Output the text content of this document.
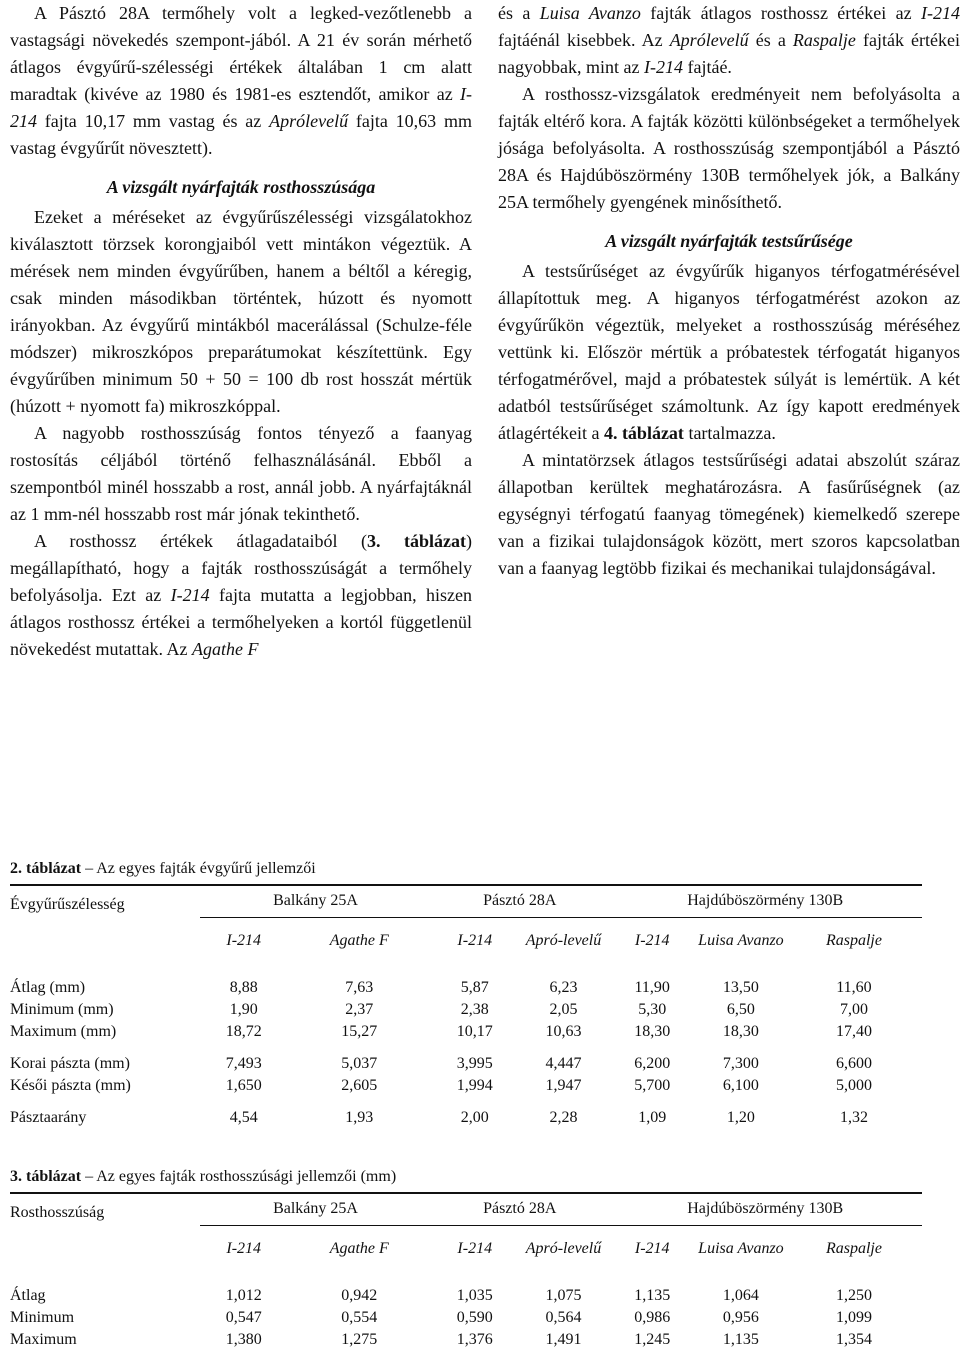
A Pásztó 28A termőhely volt a legked-vezőtlenebb a vastagsági növekedés szempont-jából. A 21 év során mérhető átlagos évgyűrű-szélességi értékek általában 1 cm alatt maradtak (kivéve az 1980 és 1981-es esztendőt, amikor az I-214 fajta 10,17 mm vastag és az Aprólevelű fajta 10,63 mm vastag évgyűrűt növesztett).

A vizsgált nyárfajták rosthosszúsága

Ezeket a méréseket az évgyűrűszélességi vizsgálatokhoz kiválasztott törzsek korongjaiból vett mintákon végeztük. A mérések nem minden évgyűrűben, hanem a béltől a kéregig, csak minden másodikban történtek, húzott és nyomott irányokban. Az évgyűrű mintákból macerálással (Schulze-féle módszer) mikroszkópos preparátumokat készítettünk. Egy évgyűrűben minimum 50 + 50 = 100 db rost hosszát mértük (húzott + nyomott fa) mikroszkóppal.

A nagyobb rosthosszúság fontos tényező a faanyag rostosítás céljából történő felhasználásánál. Ebből a szempontból minél hosszabb a rost, annál jobb. A nyárfajtáknál az 1 mm-nél hosszabb rost már jónak tekinthető.

A rosthossz értékek átlagadataiból (3. táblázat) megállapítható, hogy a fajták rosthosszúságát a termőhely befolyásolja. Ezt az I-214 fajta mutatta a legjobban, hiszen átlagos rosthossz értékei a termőhelyeken a kortól függetlenül növekedést mutattak. Az Agathe F

és a Luisa Avanzo fajták átlagos rosthossz értékei az I-214 fajtáénál kisebbek. Az Aprólevelű és a Raspalje fajták értékei nagyobbak, mint az I-214 fajtáé.

A rosthossz-vizsgálatok eredményeit nem befolyásolta a fajták eltérő kora. A fajták közötti különbségeket a termőhelyek jósága befolyásolta. A rosthosszúság szempontjából a Pásztó 28A és Hajdúböszörmény 130B termőhelyek jók, a Balkány 25A termőhely gyengének minősíthető.

A vizsgált nyárfajták testsűrűsége

A testsűrűséget az évgyűrűk higanyos térfogatmérésével állapítottuk meg. A higanyos térfogatmérést azokon az évgyűrűkön végeztük, melyeket a rosthosszúság méréséhez vettünk ki. Először mértük a próbatestek térfogatát higanyos térfogatmérővel, majd a próbatestek súlyát is lemértük. A két adatból testsűrűséget számoltunk. Az így kapott eredmények átlagértékeit a 4. táblázat tartalmazza.

A mintatörzsek átlagos testsűrűségi adatai abszolút száraz állapotban kerültek meghatározásra. A fasűrűségnek (az egységnyi térfogatú faanyag tömegének) kiemelkedő szerepe van a fizikai tulajdonságok között, mert szoros kapcsolatban van a faanyag legtöbb fizikai és mechanikai tulajdonságával.

2. táblázat – Az egyes fajták évgyűrű jellemzői
Évgyűrűszélesség	Balkány 25A		Pásztó 28A		Hajdúböszörmény 130B		
	I-214	Agathe F	I-214	Apró-levelű	I-214	Luisa Avanzo	Raspalje
Átlag (mm)	8,88	7,63	5,87	6,23	11,90	13,50	11,60
Minimum (mm)	1,90	2,37	2,38	2,05	5,30	6,50	7,00
Maximum (mm)	18,72	15,27	10,17	10,63	18,30	18,30	17,40
Korai pászta (mm)	7,493	5,037	3,995	4,447	6,200	7,300	6,600
Késői pászta (mm)	1,650	2,605	1,994	1,947	5,700	6,100	5,000
Pásztaarány	4,54	1,93	2,00	2,28	1,09	1,20	1,32
3. táblázat – Az egyes fajták rosthosszúsági jellemzői (mm)
Rosthosszúság	Balkány 25A		Pásztó 28A		Hajdúböszörmény 130B		
	I-214	Agathe F	I-214	Apró-levelű	I-214	Luisa Avanzo	Raspalje
Átlag	1,012	0,942	1,035	1,075	1,135	1,064	1,250
Minimum	0,547	0,554	0,590	0,564	0,986	0,956	1,099
Maximum	1,380	1,275	1,376	1,491	1,245	1,135	1,354
